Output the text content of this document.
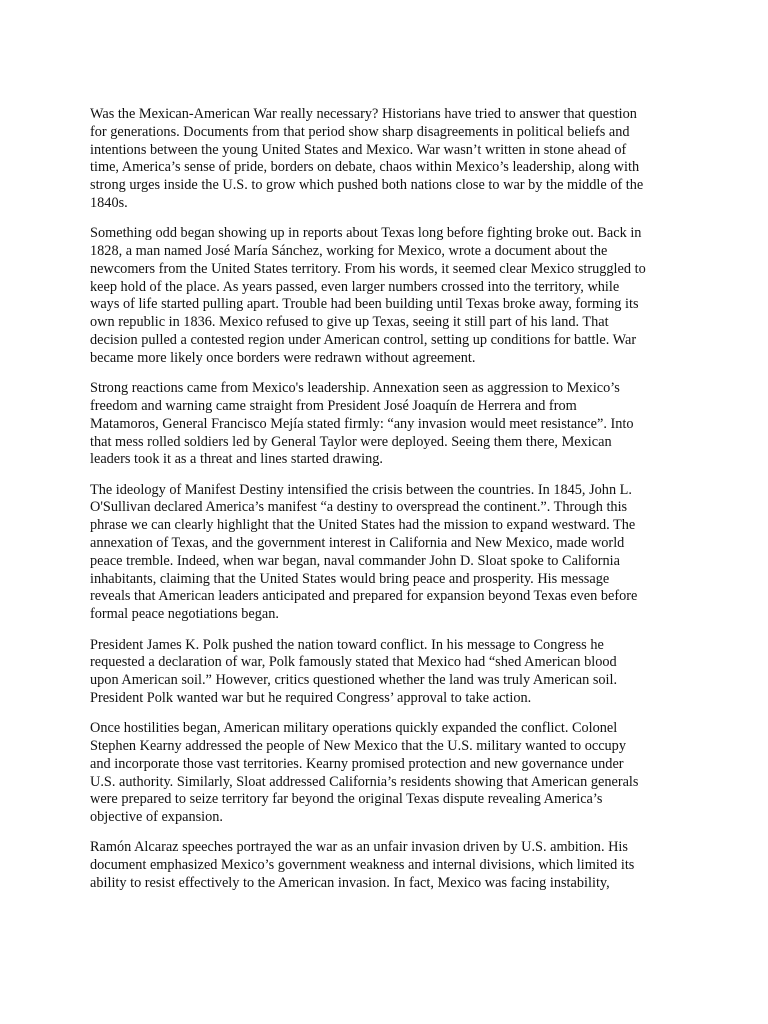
Was the Mexican-American War really necessary? Historians have tried to answer that question
for generations. Documents from that period show sharp disagreements in political beliefs and
intentions between the young United States and Mexico. War wasn’t written in stone ahead of
time, America’s sense of pride, borders on debate, chaos within Mexico’s leadership, along with
strong urges inside the U.S. to grow which pushed both nations close to war by the middle of the
1840s.

Something odd began showing up in reports about Texas long before fighting broke out. Back in
1828, a man named José María Sánchez, working for Mexico, wrote a document about the
newcomers from the United States territory. From his words, it seemed clear Mexico struggled to
keep hold of the place. As years passed, even larger numbers crossed into the territory, while
ways of life started pulling apart. Trouble had been building until Texas broke away, forming its
own republic in 1836. Mexico refused to give up Texas, seeing it still part of his land. That
decision pulled a contested region under American control, setting up conditions for battle. War
became more likely once borders were redrawn without agreement.

Strong reactions came from Mexico's leadership. Annexation seen as aggression to Mexico’s
freedom and warning came straight from President José Joaquín de Herrera and from
Matamoros, General Francisco Mejía stated firmly: “any invasion would meet resistance”. Into
that mess rolled soldiers led by General Taylor were deployed. Seeing them there, Mexican
leaders took it as a threat and lines started drawing.

The ideology of Manifest Destiny intensified the crisis between the countries. In 1845, John L.
O'Sullivan declared America’s manifest “a destiny to overspread the continent.”. Through this
phrase we can clearly highlight that the United States had the mission to expand westward. The
annexation of Texas, and the government interest in California and New Mexico, made world
peace tremble. Indeed, when war began, naval commander John D. Sloat spoke to California
inhabitants, claiming that the United States would bring peace and prosperity. His message
reveals that American leaders anticipated and prepared for expansion beyond Texas even before
formal peace negotiations began.

President James K. Polk pushed the nation toward conflict. In his message to Congress he
requested a declaration of war, Polk famously stated that Mexico had “shed American blood
upon American soil.” However, critics questioned whether the land was truly American soil.
President Polk wanted war but he required Congress’ approval to take action.

Once hostilities began, American military operations quickly expanded the conflict. Colonel
Stephen Kearny addressed the people of New Mexico that the U.S. military wanted to occupy
and incorporate those vast territories. Kearny promised protection and new governance under
U.S. authority. Similarly, Sloat addressed California’s residents showing that American generals
were prepared to seize territory far beyond the original Texas dispute revealing America’s
objective of expansion.

Ramón Alcaraz speeches portrayed the war as an unfair invasion driven by U.S. ambition. His
document emphasized Mexico’s government weakness and internal divisions, which limited its
ability to resist effectively to the American invasion. In fact, Mexico was facing instability,
